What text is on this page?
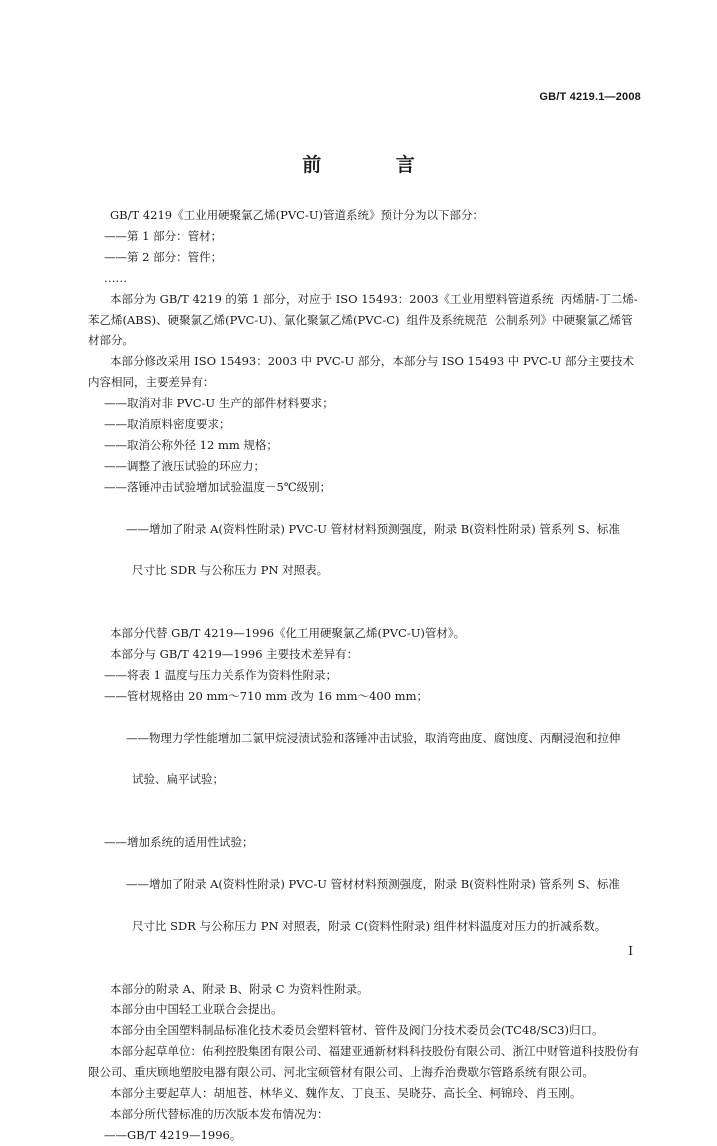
GB/T 4219.1—2008
前 言

GB/T 4219《工业用硬聚氯乙烯(PVC-U)管道系统》预计分为以下部分：

——第 1 部分：管材；

——第 2 部分：管件；

……

本部分为 GB/T 4219 的第 1 部分，对应于 ISO 15493：2003《工业用塑料管道系统  丙烯腈-丁二烯-苯乙烯(ABS)、硬聚氯乙烯(PVC-U)、氯化聚氯乙烯(PVC-C)  组件及系统规范  公制系列》中硬聚氯乙烯管材部分。

本部分修改采用 ISO 15493：2003 中 PVC-U 部分，本部分与 ISO 15493 中 PVC-U 部分主要技术内容相同，主要差异有：

——取消对非 PVC-U 生产的部件材料要求；

——取消原料密度要求；

——取消公称外径 12 mm 规格；

——调整了液压试验的环应力；

——落锤冲击试验增加试验温度－5℃级别；

——增加了附录 A(资料性附录) PVC-U 管材材料预测强度，附录 B(资料性附录) 管系列 S、标准

尺寸比 SDR 与公称压力 PN 对照表。

本部分代替 GB/T 4219—1996《化工用硬聚氯乙烯(PVC-U)管材》。

本部分与 GB/T 4219—1996 主要技术差异有：

——将表 1 温度与压力关系作为资料性附录；

——管材规格由 20 mm～710 mm 改为 16 mm～400 mm；

——物理力学性能增加二氯甲烷浸渍试验和落锤冲击试验，取消弯曲度、腐蚀度、丙酮浸泡和拉伸

试验、扁平试验；

——增加系统的适用性试验；

——增加了附录 A(资料性附录) PVC-U 管材材料预测强度，附录 B(资料性附录) 管系列 S、标准

尺寸比 SDR 与公称压力 PN 对照表，附录 C(资料性附录) 组件材料温度对压力的折减系数。

本部分的附录 A、附录 B、附录 C 为资料性附录。

本部分由中国轻工业联合会提出。

本部分由全国塑料制品标准化技术委员会塑料管材、管件及阀门分技术委员会(TC48/SC3)归口。

本部分起草单位：佑利控股集团有限公司、福建亚通新材料科技股份有限公司、浙江中财管道科技股份有限公司、重庆顾地塑胶电器有限公司、河北宝硕管材有限公司、上海乔治费歇尔管路系统有限公司。

本部分主要起草人：胡旭苍、林华义、魏作友、丁良玉、吴晓芬、高长全、柯锦玲、肖玉刚。

本部分所代替标准的历次版本发布情况为：

——GB/T 4219—1996。

I
